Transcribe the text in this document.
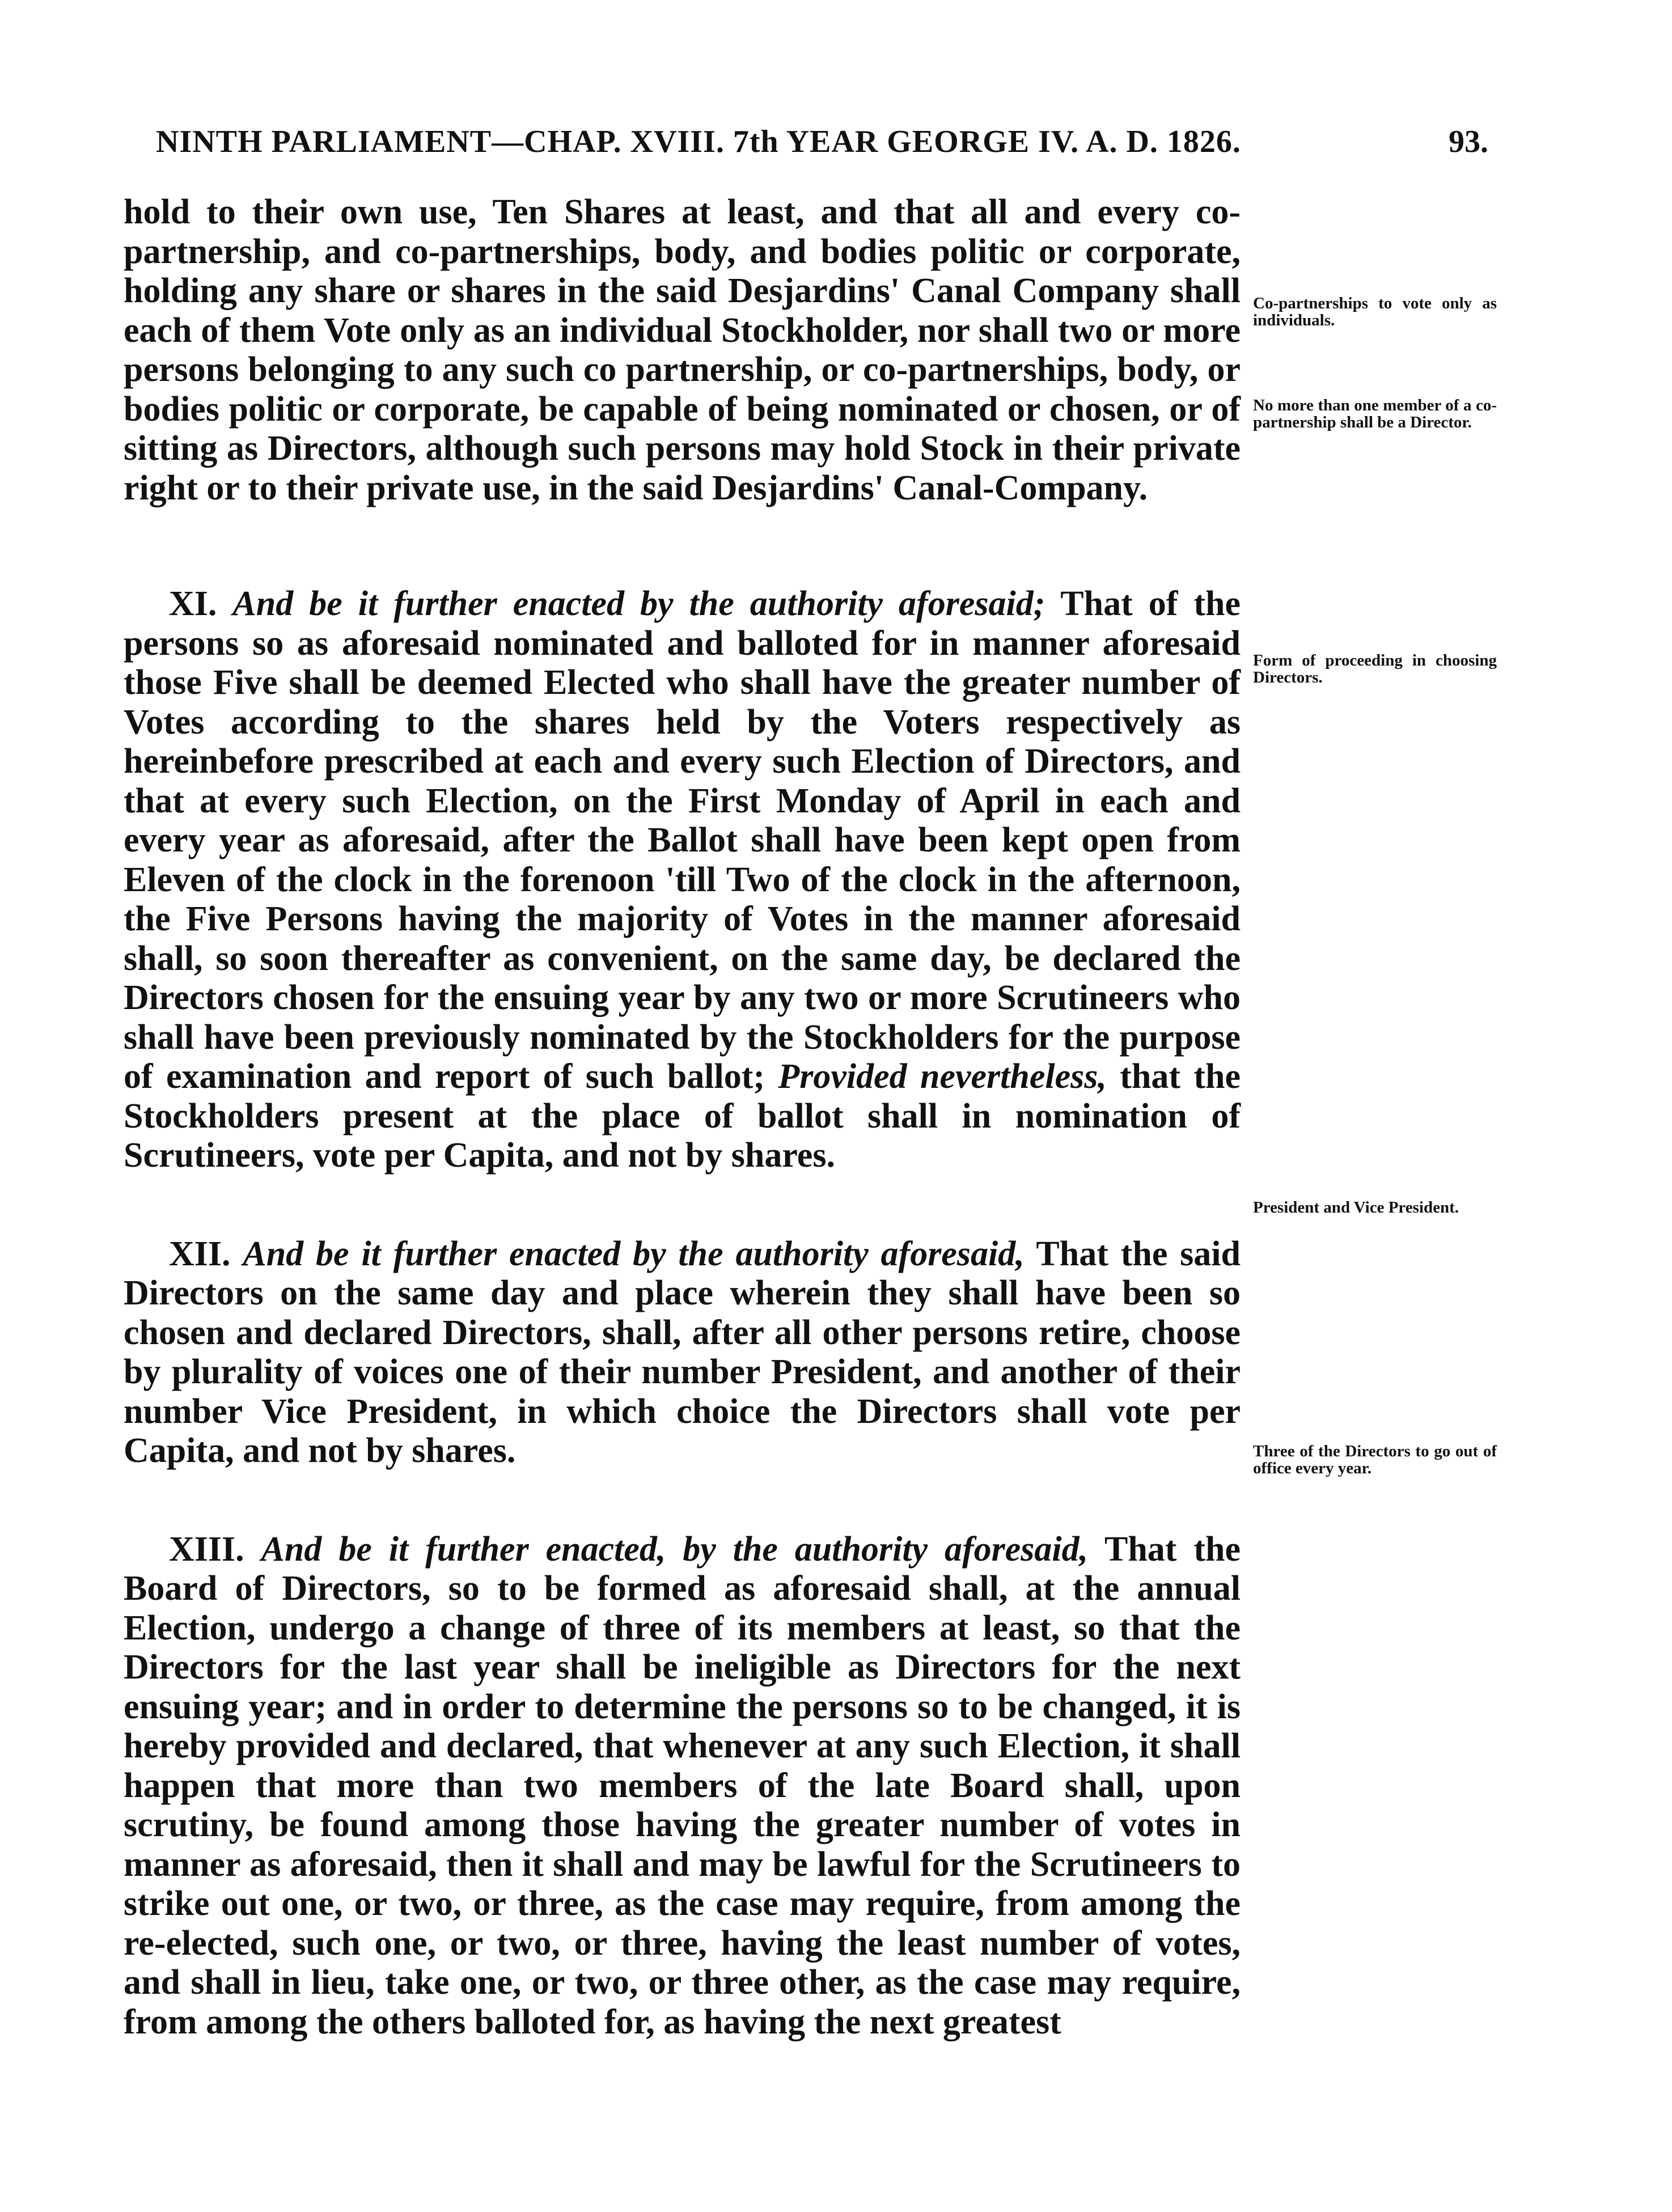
NINTH PARLIAMENT—CHAP. XVIII. 7th YEAR GEORGE IV. A. D. 1826.	93.

hold to their own use, Ten Shares at least, and that all and every co-partnership, and co-partnerships, body, and bodies politic or corporate, holding any share or shares in the said Desjardins' Canal Company shall each of them Vote only as an individual Stockholder, nor shall two or more persons belonging to any such co partnership, or co-partnerships, body, or bodies politic or corporate, be capable of being nominated or chosen, or of sitting as Directors, although such persons may hold Stock in their private right or to their private use, in the said Desjardins' Canal-Company.

XI. And be it further enacted by the authority aforesaid; That of the persons so as aforesaid nominated and balloted for in manner aforesaid those Five shall be deemed Elected who shall have the greater number of Votes according to the shares held by the Voters respectively as hereinbefore prescribed at each and every such Election of Directors, and that at every such Election, on the First Monday of April in each and every year as aforesaid, after the Ballot shall have been kept open from Eleven of the clock in the forenoon 'till Two of the clock in the afternoon, the Five Persons having the majority of Votes in the manner aforesaid shall, so soon thereafter as convenient, on the same day, be declared the Directors chosen for the ensuing year by any two or more Scrutineers who shall have been previously nominated by the Stockholders for the purpose of examination and report of such ballot; Provided nevertheless, that the Stockholders present at the place of ballot shall in nomination of Scrutineers, vote per Capita, and not by shares.

XII. And be it further enacted by the authority aforesaid, That the said Directors on the same day and place wherein they shall have been so chosen and declared Directors, shall, after all other persons retire, choose by plurality of voices one of their number President, and another of their number Vice President, in which choice the Directors shall vote per Capita, and not by shares.

XIII. And be it further enacted, by the authority aforesaid, That the Board of Directors, so to be formed as aforesaid shall, at the annual Election, undergo a change of three of its members at least, so that the Directors for the last year shall be ineligible as Directors for the next ensuing year; and in order to determine the persons so to be changed, it is hereby provided and declared, that whenever at any such Election, it shall happen that more than two members of the late Board shall, upon scrutiny, be found among those having the greater number of votes in manner as aforesaid, then it shall and may be lawful for the Scrutineers to strike out one, or two, or three, as the case may require, from among the re-elected, such one, or two, or three, having the least number of votes, and shall in lieu, take one, or two, or three other, as the case may require, from among the others balloted for, as having the next greatest

Co-partnerships to vote only as individuals.
No more than one member of a co-partnership shall be a Director.
Form of proceeding in choosing Directors.
President and Vice President.
Three of the Directors to go out of office every year.
